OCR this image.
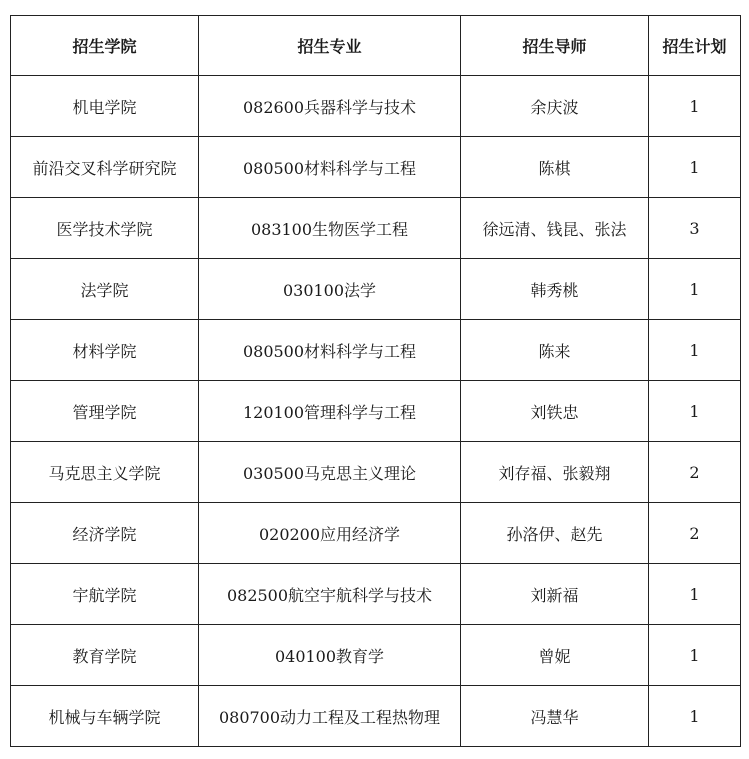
招生学院	招生专业	招生导师	招生计划
机电学院	082600兵器科学与技术	余庆波	1
前沿交叉科学研究院	080500材料科学与工程	陈棋	1
医学技术学院	083100生物医学工程	徐远清、钱昆、张法	3
法学院	030100法学	韩秀桃	1
材料学院	080500材料科学与工程	陈来	1
管理学院	120100管理科学与工程	刘铁忠	1
马克思主义学院	030500马克思主义理论	刘存福、张毅翔	2
经济学院	020200应用经济学	孙洛伊、赵先	2
宇航学院	082500航空宇航科学与技术	刘新福	1
教育学院	040100教育学	曾妮	1
机械与车辆学院	080700动力工程及工程热物理	冯慧华	1
